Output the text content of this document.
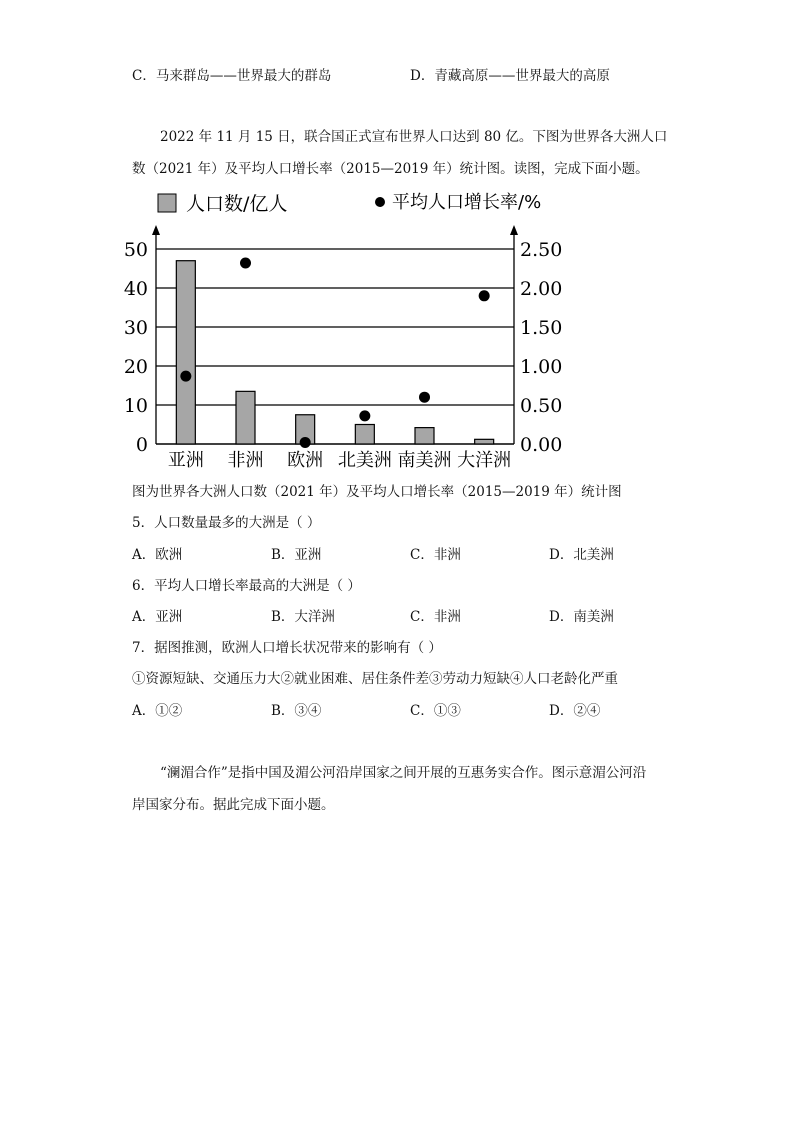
C．马来群岛——世界最大的群岛	D．青藏高原——世界最大的高原
2022 年 11 月 15 日，联合国正式宣布世界人口达到 80 亿。下图为世界各大洲人口
数（2021 年）及平均人口增长率（2015—2019 年）统计图。读图，完成下面小题。
人口数/亿人	平均人口增长率/%
0
10
20
30
40
50
0.00
0.50
1.00
1.50
2.00
2.50
亚洲 非洲 欧洲 北美洲 南美洲 大洋洲
图为世界各大洲人口数（2021 年）及平均人口增长率（2015—2019 年）统计图
5．人口数量最多的大洲是（ ）
A．欧洲	B．亚洲	C．非洲	D．北美洲
6．平均人口增长率最高的大洲是（ ）
A．亚洲	B．大洋洲	C．非洲	D．南美洲
7．据图推测，欧洲人口增长状况带来的影响有（ ）
①资源短缺、交通压力大②就业困难、居住条件差③劳动力短缺④人口老龄化严重
A．①②	B．③④	C．①③	D．②④
“澜湄合作”是指中国及湄公河沿岸国家之间开展的互惠务实合作。图示意湄公河沿
岸国家分布。据此完成下面小题。
